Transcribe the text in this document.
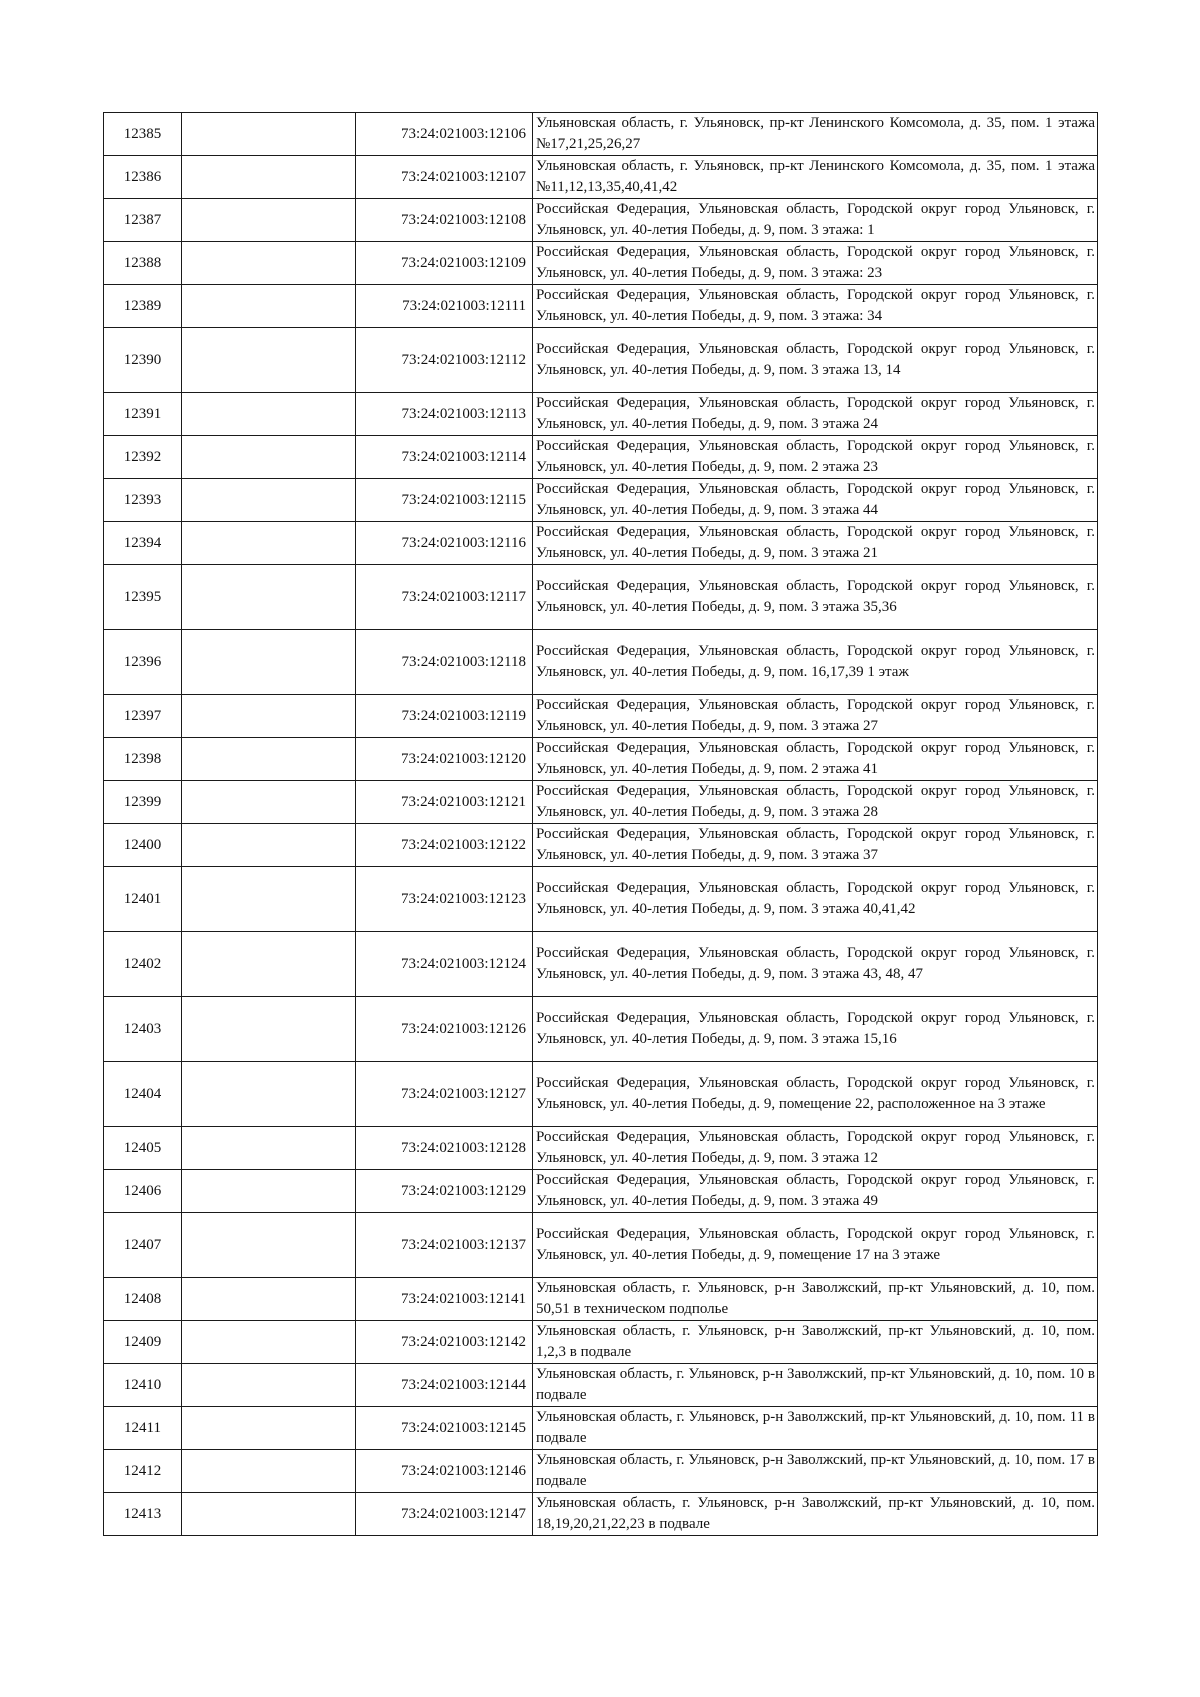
12385		73:24:021003:12106	Ульяновская область, г. Ульяновск, пр-кт Ленинского Комсомола, д. 35, пом. 1 этажа №17,21,25,26,27
12386		73:24:021003:12107	Ульяновская область, г. Ульяновск, пр-кт Ленинского Комсомола, д. 35, пом. 1 этажа №11,12,13,35,40,41,42
12387		73:24:021003:12108	Российская Федерация, Ульяновская область, Городской округ город Ульяновск, г. Ульяновск, ул. 40-летия Победы, д. 9, пом. 3 этажа: 1
12388		73:24:021003:12109	Российская Федерация, Ульяновская область, Городской округ город Ульяновск, г. Ульяновск, ул. 40-летия Победы, д. 9, пом. 3 этажа: 23
12389		73:24:021003:12111	Российская Федерация, Ульяновская область, Городской округ город Ульяновск, г. Ульяновск, ул. 40-летия Победы, д. 9, пом. 3 этажа: 34
12390		73:24:021003:12112	Российская Федерация, Ульяновская область, Городской округ город Ульяновск, г. Ульяновск, ул. 40-летия Победы, д. 9, пом. 3 этажа 13, 14
12391		73:24:021003:12113	Российская Федерация, Ульяновская область, Городской округ город Ульяновск, г. Ульяновск, ул. 40-летия Победы, д. 9, пом. 3 этажа 24
12392		73:24:021003:12114	Российская Федерация, Ульяновская область, Городской округ город Ульяновск, г. Ульяновск, ул. 40-летия Победы, д. 9, пом. 2 этажа 23
12393		73:24:021003:12115	Российская Федерация, Ульяновская область, Городской округ город Ульяновск, г. Ульяновск, ул. 40-летия Победы, д. 9, пом. 3 этажа 44
12394		73:24:021003:12116	Российская Федерация, Ульяновская область, Городской округ город Ульяновск, г. Ульяновск, ул. 40-летия Победы, д. 9, пом. 3 этажа 21
12395		73:24:021003:12117	Российская Федерация, Ульяновская область, Городской округ город Ульяновск, г. Ульяновск, ул. 40-летия Победы, д. 9, пом. 3 этажа 35,36
12396		73:24:021003:12118	Российская Федерация, Ульяновская область, Городской округ город Ульяновск, г. Ульяновск, ул. 40-летия Победы, д. 9, пом. 16,17,39 1 этаж
12397		73:24:021003:12119	Российская Федерация, Ульяновская область, Городской округ город Ульяновск, г. Ульяновск, ул. 40-летия Победы, д. 9, пом. 3 этажа 27
12398		73:24:021003:12120	Российская Федерация, Ульяновская область, Городской округ город Ульяновск, г. Ульяновск, ул. 40-летия Победы, д. 9, пом. 2 этажа 41
12399		73:24:021003:12121	Российская Федерация, Ульяновская область, Городской округ город Ульяновск, г. Ульяновск, ул. 40-летия Победы, д. 9, пом. 3 этажа 28
12400		73:24:021003:12122	Российская Федерация, Ульяновская область, Городской округ город Ульяновск, г. Ульяновск, ул. 40-летия Победы, д. 9, пом. 3 этажа 37
12401		73:24:021003:12123	Российская Федерация, Ульяновская область, Городской округ город Ульяновск, г. Ульяновск, ул. 40-летия Победы, д. 9, пом. 3 этажа 40,41,42
12402		73:24:021003:12124	Российская Федерация, Ульяновская область, Городской округ город Ульяновск, г. Ульяновск, ул. 40-летия Победы, д. 9, пом. 3 этажа 43, 48, 47
12403		73:24:021003:12126	Российская Федерация, Ульяновская область, Городской округ город Ульяновск, г. Ульяновск, ул. 40-летия Победы, д. 9, пом. 3 этажа 15,16
12404		73:24:021003:12127	Российская Федерация, Ульяновская область, Городской округ город Ульяновск, г. Ульяновск, ул. 40-летия Победы, д. 9, помещение 22, расположенное на 3 этаже
12405		73:24:021003:12128	Российская Федерация, Ульяновская область, Городской округ город Ульяновск, г. Ульяновск, ул. 40-летия Победы, д. 9, пом. 3 этажа 12
12406		73:24:021003:12129	Российская Федерация, Ульяновская область, Городской округ город Ульяновск, г. Ульяновск, ул. 40-летия Победы, д. 9, пом. 3 этажа 49
12407		73:24:021003:12137	Российская Федерация, Ульяновская область, Городской округ город Ульяновск, г. Ульяновск, ул. 40-летия Победы, д. 9, помещение 17 на 3 этаже
12408		73:24:021003:12141	Ульяновская область, г. Ульяновск, р-н Заволжский, пр-кт Ульяновский, д. 10, пом. 50,51 в техническом подполье
12409		73:24:021003:12142	Ульяновская область, г. Ульяновск, р-н Заволжский, пр-кт Ульяновский, д. 10, пом. 1,2,3 в подвале
12410		73:24:021003:12144	Ульяновская область, г. Ульяновск, р-н Заволжский, пр-кт Ульяновский, д. 10, пом. 10 в подвале
12411		73:24:021003:12145	Ульяновская область, г. Ульяновск, р-н Заволжский, пр-кт Ульяновский, д. 10, пом. 11 в подвале
12412		73:24:021003:12146	Ульяновская область, г. Ульяновск, р-н Заволжский, пр-кт Ульяновский, д. 10, пом. 17 в подвале
12413		73:24:021003:12147	Ульяновская область, г. Ульяновск, р-н Заволжский, пр-кт Ульяновский, д. 10, пом. 18,19,20,21,22,23 в подвале
